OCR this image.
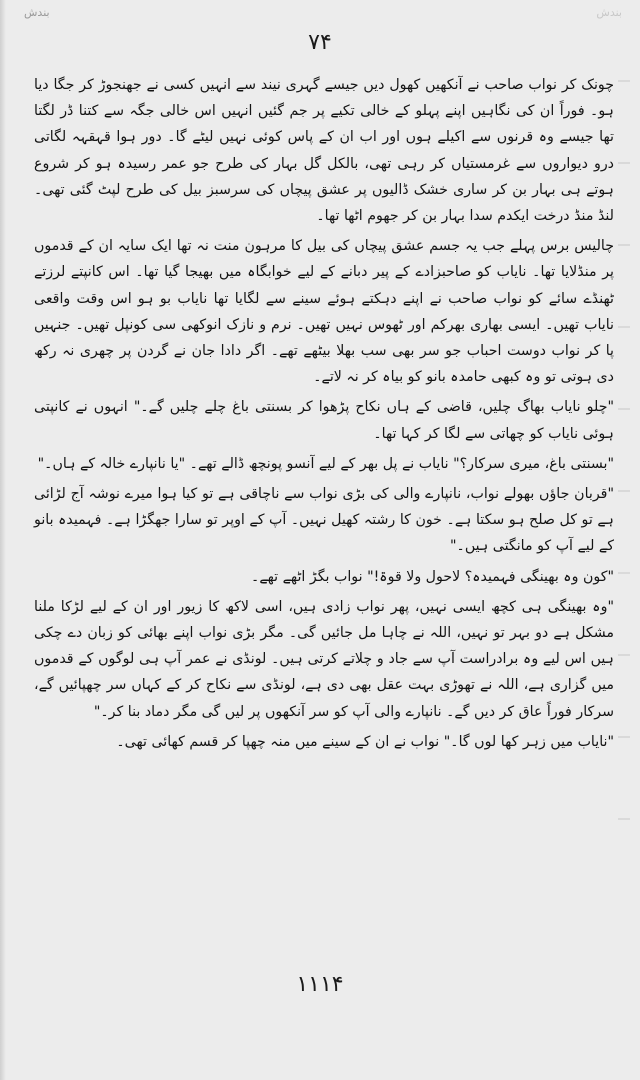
بندش	بندش
۷۴

چونک کر نواب صاحب نے آنکھیں کھول دیں جیسے گہری نیند سے انہیں کسی نے جھنجوڑ کر جگا دیا ہو۔ فوراً ان کی نگاہیں اپنے پہلو کے خالی تکیے پر جم گئیں انہیں اس خالی جگہ سے کتنا ڈر لگتا تھا جیسے وہ قرنوں سے اکیلے ہوں اور اب ان کے پاس کوئی نہیں لیٹے گا۔ دور ہوا قہقہہ لگاتی درو دیواروں سے غرمستیاں کر رہی تھی، بالکل گل بہار کی طرح جو عمر رسیدہ ہو کر شروع ہوتے ہی بہار بن کر ساری خشک ڈالیوں پر عشق پیچاں کی سرسبز بیل کی طرح لپٹ گئی تھی۔ لنڈ منڈ درخت ایکدم سدا بہار بن کر جھوم اٹھا تھا۔

چالیس برس پہلے جب یہ جسم عشق پیچاں کی بیل کا مرہون منت نہ تھا ایک سایہ ان کے قدموں پر منڈلایا تھا۔ نایاب کو صاحبزادے کے پیر دبانے کے لیے خوابگاہ میں بھیجا گیا تھا۔ اس کانپتے لرزتے ٹھنڈے سائے کو نواب صاحب نے اپنے دہکتے ہوئے سینے سے لگایا تھا نایاب بو ہو اس وقت واقعی نایاب تھیں۔ ایسی بھاری بھرکم اور ٹھوس نہیں تھیں۔ نرم و نازک انوکھی سی کونپل تھیں۔ جنہیں پا کر نواب دوست احباب جو سر بھی سب بھلا بیٹھے تھے۔ اگر دادا جان نے گردن پر چھری نہ رکھ دی ہوتی تو وہ کبھی حامدہ بانو کو بیاہ کر نہ لاتے۔

"چلو نایاب بھاگ چلیں، قاضی کے ہاں نکاح پڑھوا کر بسنتی باغ چلے چلیں گے۔" انہوں نے کانپتی ہوئی نایاب کو چھاتی سے لگا کر کہا تھا۔

"بسنتی باغ، میری سرکار؟" نایاب نے پل بھر کے لیے آنسو پونچھ ڈالے تھے۔ "یا نانپارے خالہ کے ہاں۔"

"قربان جاؤں بھولے نواب، نانپارے والی کی بڑی نواب سے ناچاقی ہے تو کیا ہوا میرے نوشہ آج لڑائی ہے تو کل صلح ہو سکتا ہے۔ خون کا رشتہ کھیل نہیں۔ آپ کے اوپر تو سارا جھگڑا ہے۔ فہمیدہ بانو کے لیے آپ کو مانگتی ہیں۔"

"کون وہ بھینگی فہمیدہ؟ لاحول ولا قوۃ!" نواب بگڑ اٹھے تھے۔

"وہ بھینگی ہی کچھ ایسی نہیں، پھر نواب زادی ہیں، اسی لاکھ کا زیور اور ان کے لیے لڑکا ملنا مشکل ہے دو بہر تو نہیں، اللہ نے چاہا مل جائیں گی۔ مگر بڑی نواب اپنے بھائی کو زبان دے چکی ہیں اس لیے وہ برادراست آپ سے جاد و چلاتے کرتی ہیں۔ لونڈی نے عمر آپ ہی لوگوں کے قدموں میں گزاری ہے، اللہ نے تھوڑی بہت عقل بھی دی ہے، لونڈی سے نکاح کر کے کہاں سر چھپائیں گے، سرکار فوراً عاق کر دیں گے۔ نانپارے والی آپ کو سر آنکھوں پر لیں گی مگر دماد بنا کر۔"

"نایاب میں زہر کھا لوں گا۔" نواب نے ان کے سینے میں منہ چھپا کر قسم کھائی تھی۔

۱۱۱۴
